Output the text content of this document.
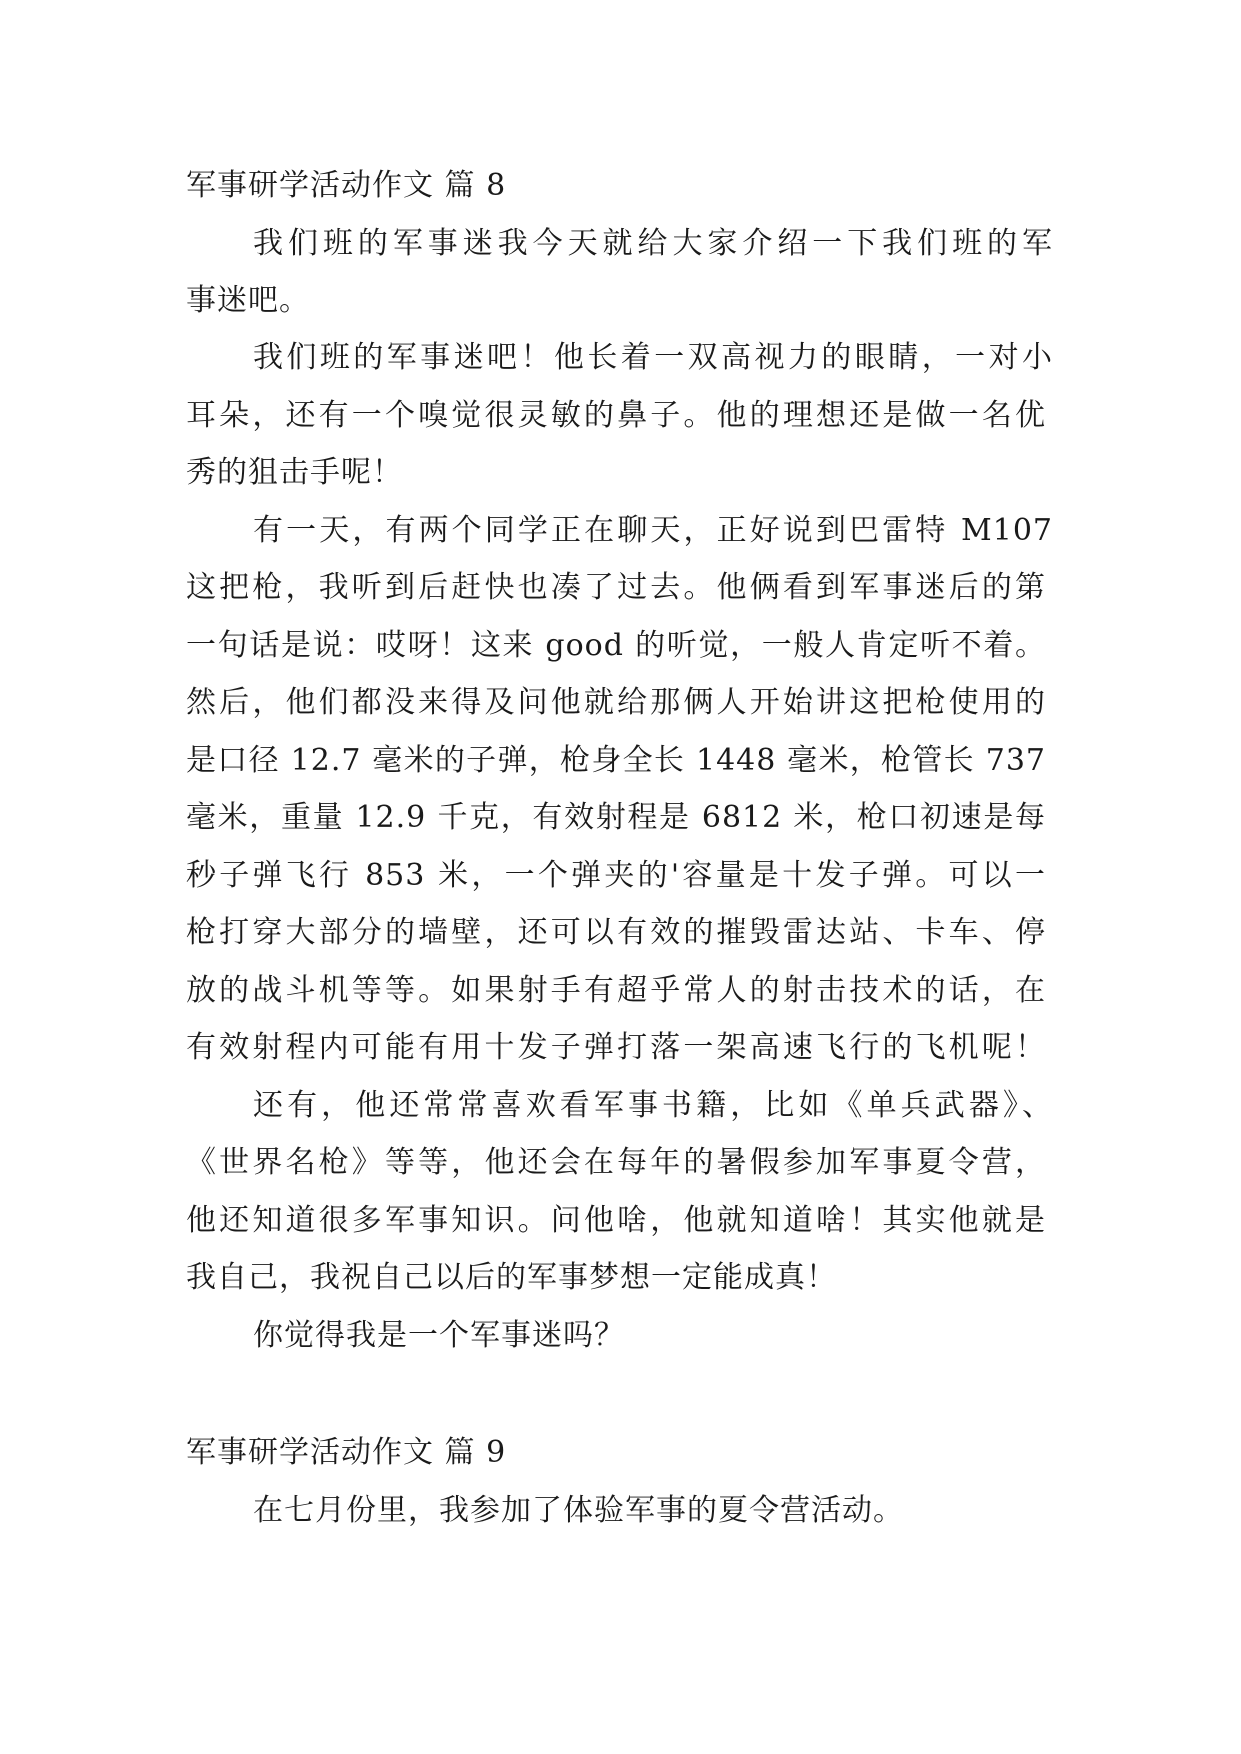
军事研学活动作文 篇 8
我们班的军事迷我今天就给大家介绍一下我们班的军
事迷吧。
我们班的军事迷吧！他长着一双高视力的眼睛，一对小
耳朵，还有一个嗅觉很灵敏的鼻子。他的理想还是做一名优
秀的狙击手呢！
有一天，有两个同学正在聊天，正好说到巴雷特 M107
这把枪，我听到后赶快也凑了过去。他俩看到军事迷后的第
一句话是说：哎呀！这来 good 的听觉，一般人肯定听不着。
然后，他们都没来得及问他就给那俩人开始讲这把枪使用的
是口径 12.7 毫米的子弹，枪身全长 1448 毫米，枪管长 737
毫米，重量 12.9 千克，有效射程是 6812 米，枪口初速是每
秒子弹飞行 853 米，一个弹夹的'容量是十发子弹。可以一
枪打穿大部分的墙壁，还可以有效的摧毁雷达站、卡车、停
放的战斗机等等。如果射手有超乎常人的射击技术的话，在
有效射程内可能有用十发子弹打落一架高速飞行的飞机呢！
还有，他还常常喜欢看军事书籍，比如《单兵武器》、
《世界名枪》等等，他还会在每年的暑假参加军事夏令营，
他还知道很多军事知识。问他啥，他就知道啥！其实他就是
我自己，我祝自己以后的军事梦想一定能成真！
你觉得我是一个军事迷吗？
军事研学活动作文 篇 9
在七月份里，我参加了体验军事的夏令营活动。
